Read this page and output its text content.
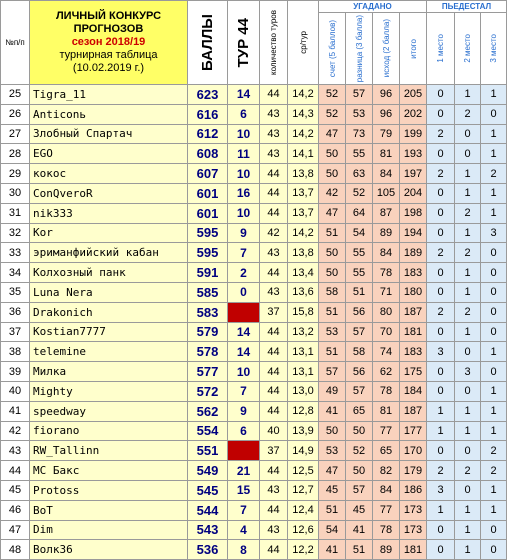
№п/п	ЛИЧНЫЙ КОНКУРС
ПРОГНОЗОВ
сезон 2018/19
турнирная таблица
(10.02.2019 г.)	БАЛЛЫ	ТУР 44	количество туров	ср/тур	УГАДАНО				ПЬЕДЕСТАЛ		

						счет (5 баллов)	разница (3 балла)	исход (2 балла)	итого	1 место	2 место	3 место

25	Tigra_11	623	14	44	14,2	52	57	96	205	0	1	1
26	Anticonь	616	6	43	14,3	52	53	96	202	0	2	0
27	Злобный Спартач	612	10	43	14,2	47	73	79	199	2	0	1
28	EGO	608	11	43	14,1	50	55	81	193	0	0	1
29	кокос	607	10	44	13,8	50	63	84	197	2	1	2
30	ConQveroR	601	16	44	13,7	42	52	105	204	0	1	1
31	nik333	601	10	44	13,7	47	64	87	198	0	2	1
32	Kor	595	9	42	14,2	51	54	89	194	0	1	3
33	эриманфийский кабан	595	7	43	13,8	50	55	84	189	2	2	0
34	Колхозный панк	591	2	44	13,4	50	55	78	183	0	1	0
35	Luna Nera	585	0	43	13,6	58	51	71	180	0	1	0
36	Drakonich	583		37	15,8	51	56	80	187	2	2	0
37	Kostian7777	579	14	44	13,2	53	57	70	181	0	1	0
38	telemine	578	14	44	13,1	51	58	74	183	3	0	1
39	Милка	577	10	44	13,1	57	56	62	175	0	3	0
40	Mighty	572	7	44	13,0	49	57	78	184	0	0	1
41	speedway	562	9	44	12,8	41	65	81	187	1	1	1
42	fiorano	554	6	40	13,9	50	50	77	177	1	1	1
43	RW_Tallinn	551		37	14,9	53	52	65	170	0	0	2
44	MC Бакс	549	21	44	12,5	47	50	82	179	2	2	2
45	Protoss	545	15	43	12,7	45	57	84	186	3	0	1
46	BoT	544	7	44	12,4	51	45	77	173	1	1	1
47	Dim	543	4	43	12,6	54	41	78	173	0	1	0
48	Волк36	536	8	44	12,2	41	51	89	181	0	1	0
